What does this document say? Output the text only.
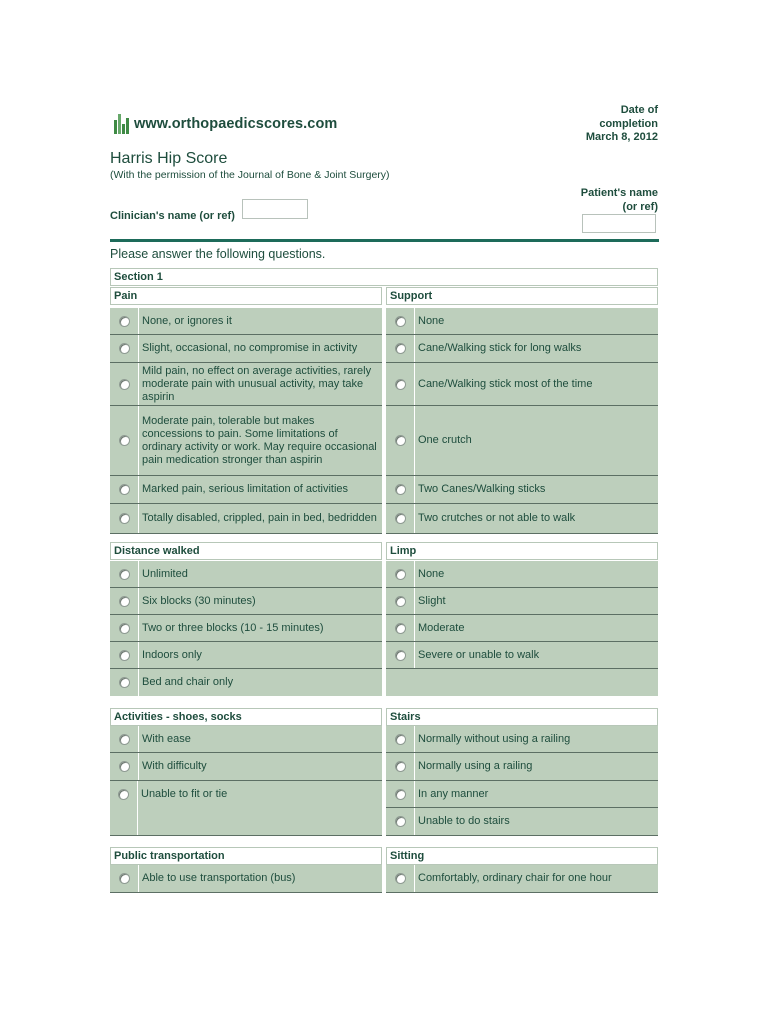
www.orthopaedicscores.com
Date of
completion
March 8, 2012
Harris Hip Score
(With the permission of the Journal of Bone & Joint Surgery)
Patient's name
(or ref)
Clinician's name (or ref)
Please answer the following questions.
Section 1
Pain
None, or ignores it
Slight, occasional, no compromise in activity
Mild pain, no effect on average activities, rarely moderate pain with unusual activity, may take aspirin
Moderate pain, tolerable but makes concessions to pain. Some limitations of ordinary activity or work. May require occasional pain medication stronger than aspirin
Marked pain, serious limitation of activities
Totally disabled, crippled, pain in bed, bedridden
Support
None
Cane/Walking stick for long walks
Cane/Walking stick most of the time
One crutch
Two Canes/Walking sticks
Two crutches or not able to walk
Distance walked
Unlimited
Six blocks (30 minutes)
Two or three blocks (10 - 15 minutes)
Indoors only
Bed and chair only
Limp
None
Slight
Moderate
Severe or unable to walk
Activities - shoes, socks
With ease
With difficulty
Unable to fit or tie
Stairs
Normally without using a railing
Normally using a railing
In any manner
Unable to do stairs
Public transportation
Able to use transportation (bus)
Sitting
Comfortably, ordinary chair for one hour
